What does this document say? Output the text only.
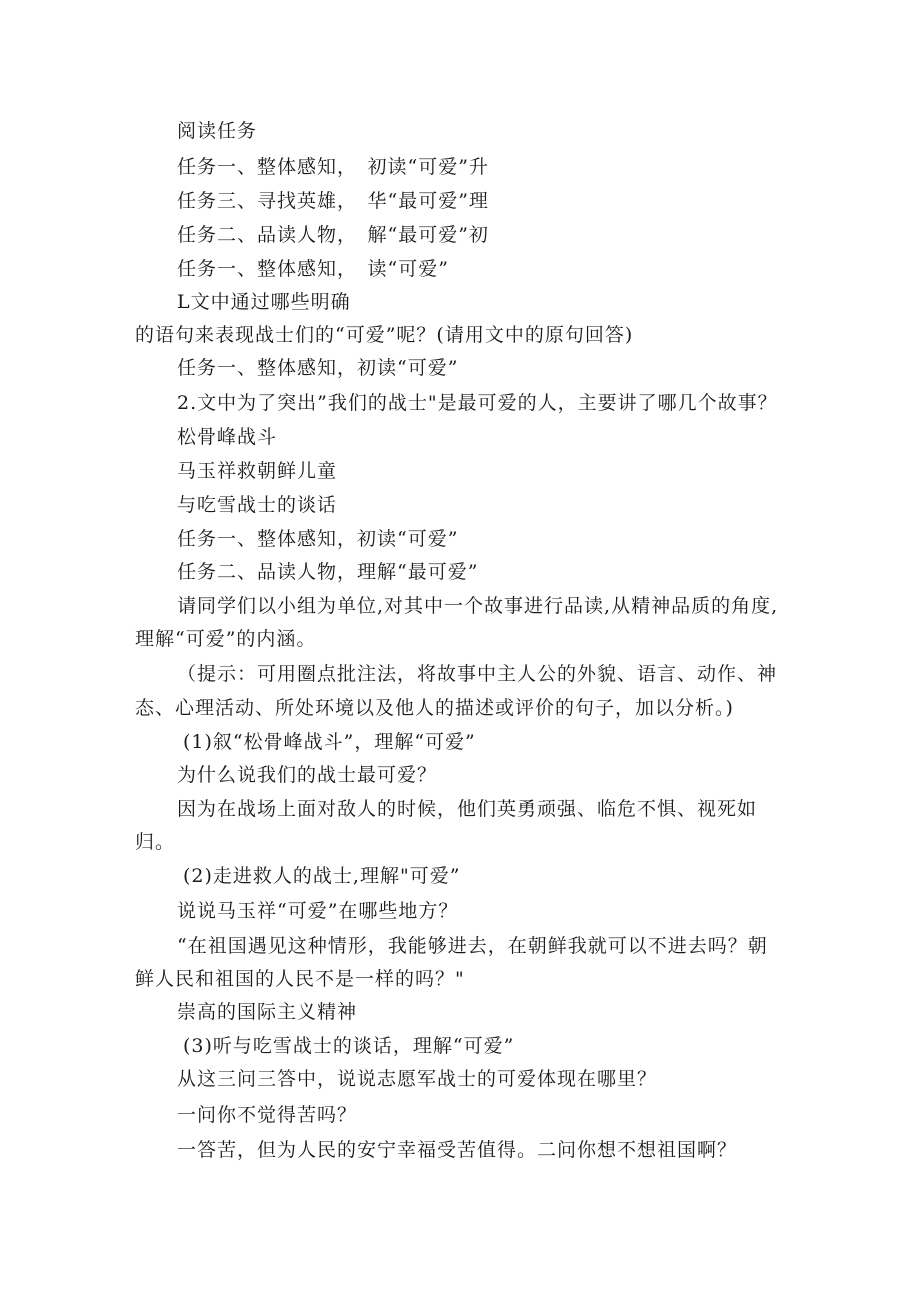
阅读任务
任务一、整体感知，　初读“可爱”升
任务三、寻找英雄，　华“最可爱”理
任务二、品读人物，　解“最可爱”初
任务一、整体感知，　读“可爱”
L文中通过哪些明确
的语句来表现战士们的“可爱”呢？(请用文中的原句回答)
任务一、整体感知，初读“可爱”
2.文中为了突出”我们的战士"是最可爱的人，主要讲了哪几个故事？
松骨峰战斗
马玉祥救朝鲜儿童
与吃雪战士的谈话
任务一、整体感知，初读“可爱”
任务二、品读人物，理解“最可爱”
请同学们以小组为单位,对其中一个故事进行品读,从精神品质的角度,
理解“可爱”的内涵。
（提示：可用圈点批注法，将故事中主人公的外貌、语言、动作、神
态、心理活动、所处环境以及他人的描述或评价的句子，加以分析。)
(1)叙“松骨峰战斗”，理解“可爱”
为什么说我们的战士最可爱？
因为在战场上面对敌人的时候，他们英勇顽强、临危不惧、视死如
归。
(2)走进救人的战士,理解"可爱”
说说马玉祥“可爱”在哪些地方？
“在祖国遇见这种情形，我能够进去，在朝鲜我就可以不进去吗？朝
鲜人民和祖国的人民不是一样的吗？"
崇高的国际主义精神
(3)听与吃雪战士的谈话，理解“可爱”
从这三问三答中，说说志愿军战士的可爱体现在哪里？
一问你不觉得苦吗？
一答苦，但为人民的安宁幸福受苦值得。二问你想不想祖国啊？
